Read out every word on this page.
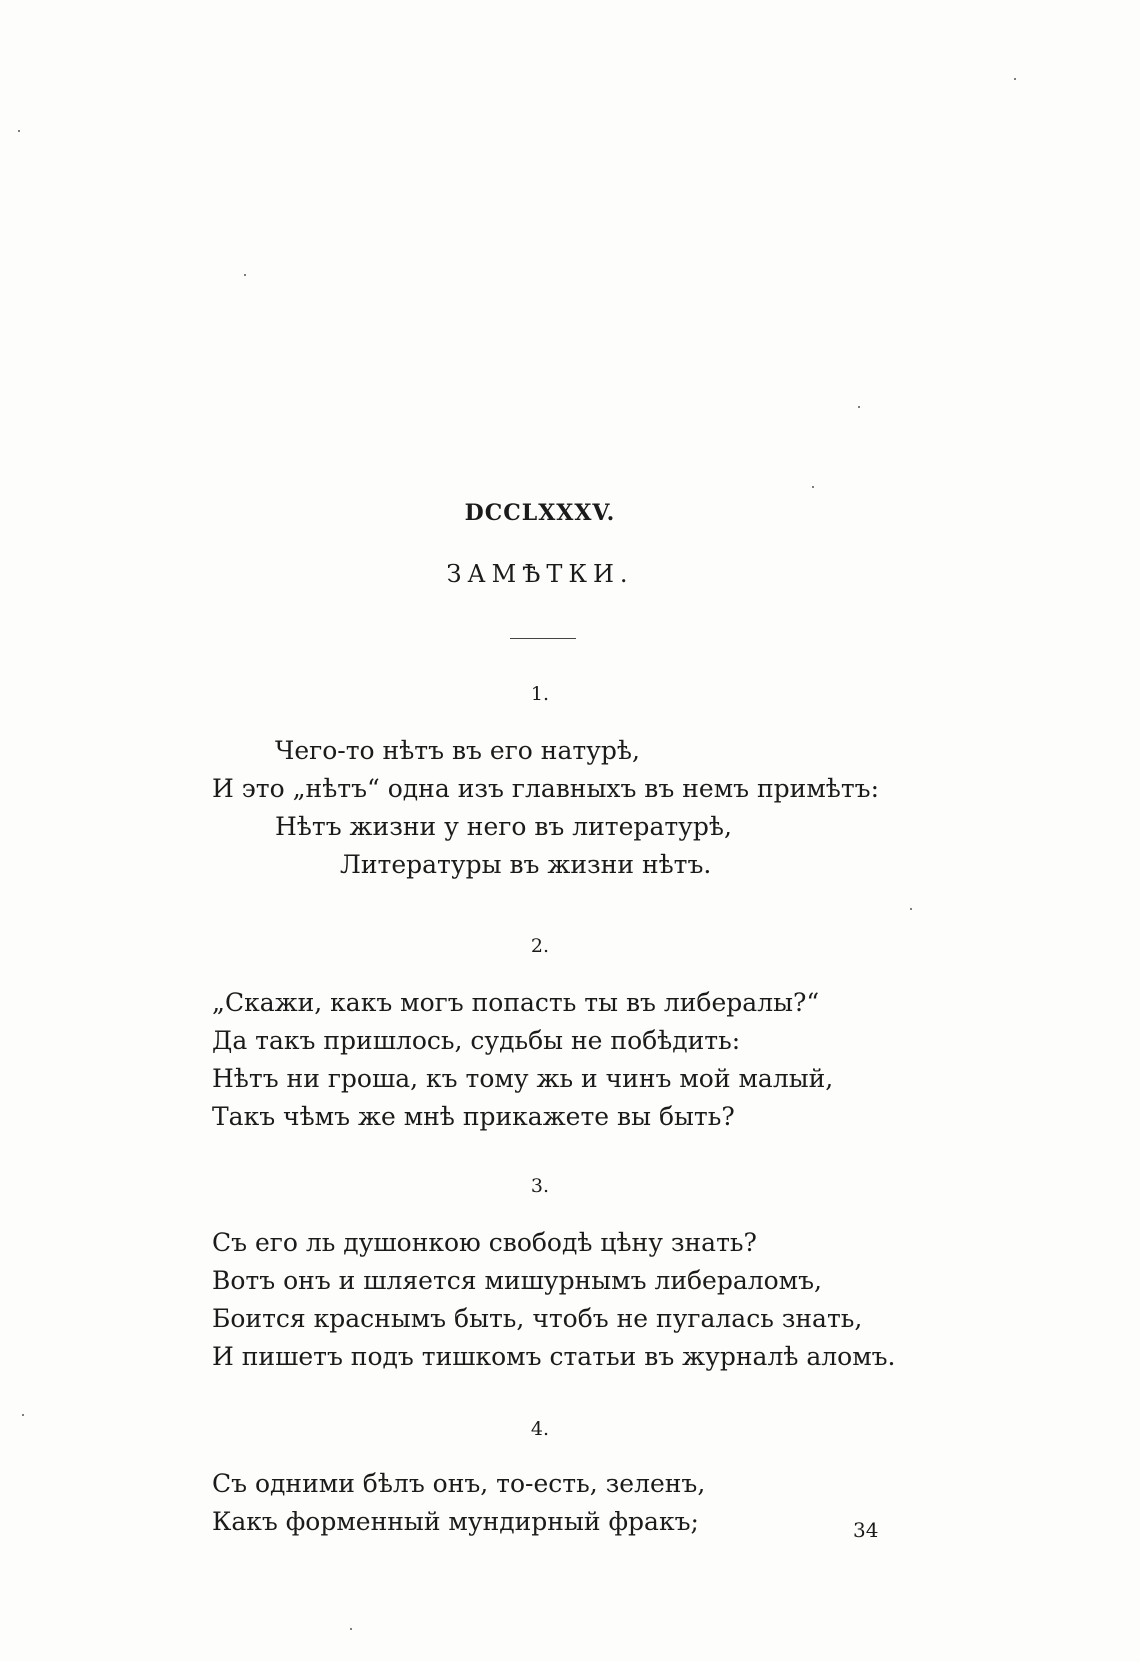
DCCLXXXV.
ЗАМѢТКИ.
1.
Чего-то нѣтъ въ его натурѣ,
И это „нѣтъ“ одна изъ главныхъ въ немъ примѣтъ:
Нѣтъ жизни у него въ литературѣ,
Литературы въ жизни нѣтъ.
2.
„Скажи, какъ могъ попасть ты въ либералы?“
Да такъ пришлось, судьбы не побѣдить:
Нѣтъ ни гроша, къ тому жь и чинъ мой малый,
Такъ чѣмъ же мнѣ прикажете вы быть?
3.
Съ его ль душонкою свободѣ цѣну знать?
Вотъ онъ и шляется мишурнымъ либераломъ,
Боится краснымъ быть, чтобъ не пугалась знать,
И пишетъ подъ тишкомъ статьи въ журналѣ аломъ.
4.
Съ одними бѣлъ онъ, то-есть, зеленъ,
Какъ форменный мундирный фракъ;	34
